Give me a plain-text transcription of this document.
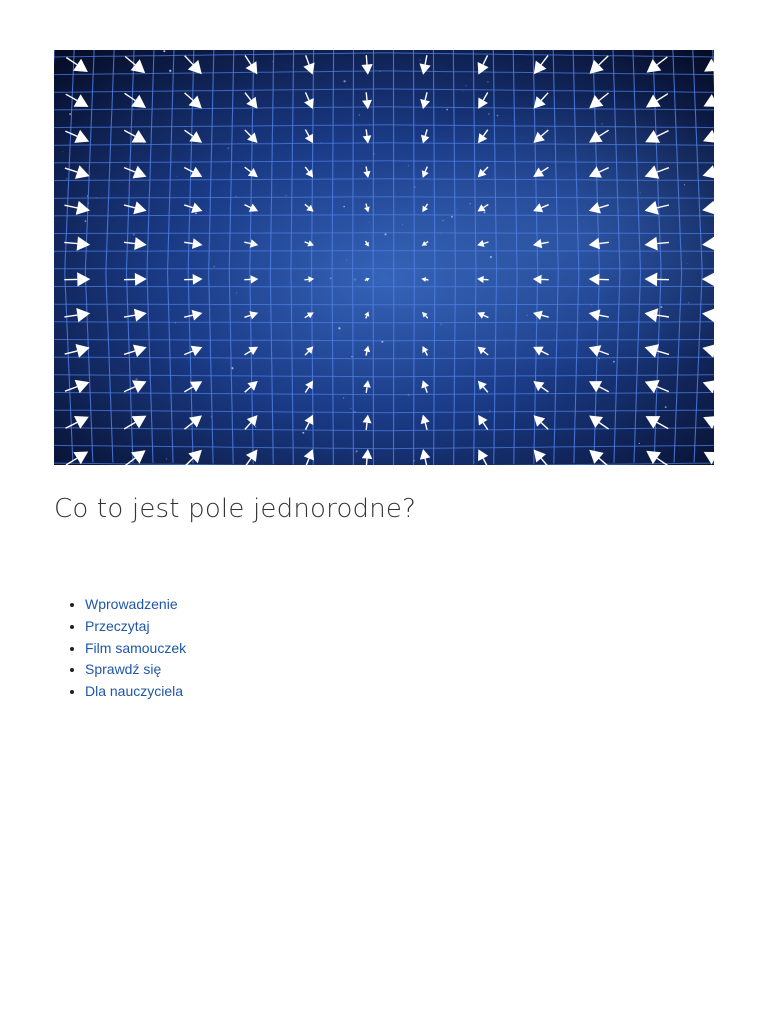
Co to jest pole jednorodne?
• Wprowadzenie
• Przeczytaj
• Film samouczek
• Sprawdź się
• Dla nauczyciela
